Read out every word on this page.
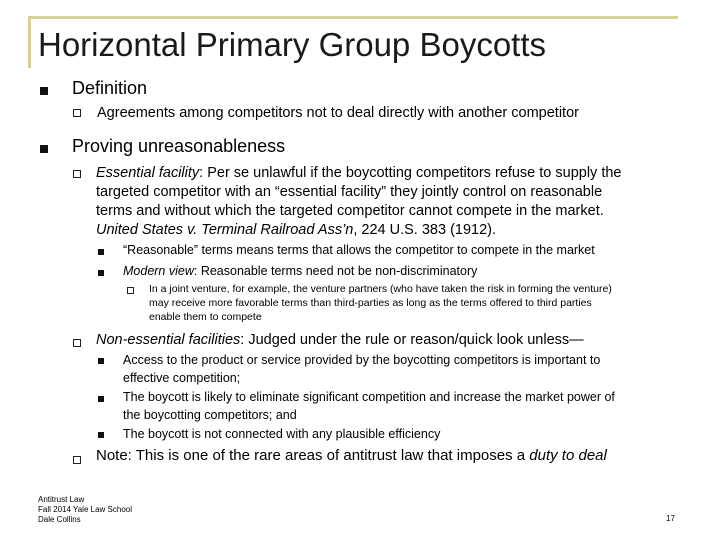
Horizontal Primary Group Boycotts
Definition
Agreements among competitors not to deal directly with another competitor
Proving unreasonableness
Essential facility: Per se unlawful if the boycotting competitors refuse to supply the
targeted competitor with an “essential facility” they jointly control on reasonable
terms and without which the targeted competitor cannot compete in the market.
United States v. Terminal Railroad Ass’n, 224 U.S. 383 (1912).
“Reasonable” terms means terms that allows the competitor to compete in the market
Modern view: Reasonable terms need not be non-discriminatory
In a joint venture, for example, the venture partners (who have taken the risk in forming the venture)
may receive more favorable terms than third-parties as long as the terms offered to third parties
enable them to compete
Non-essential facilities: Judged under the rule or reason/quick look unless—
Access to the product or service provided by the boycotting competitors is important to
effective competition;
The boycott is likely to eliminate significant competition and increase the market power of
the boycotting competitors; and
The boycott is not connected with any plausible efficiency
Note: This is one of the rare areas of antitrust law that imposes a duty to deal
Antitrust Law
Fall 2014 Yale Law School
Dale Collins	17
